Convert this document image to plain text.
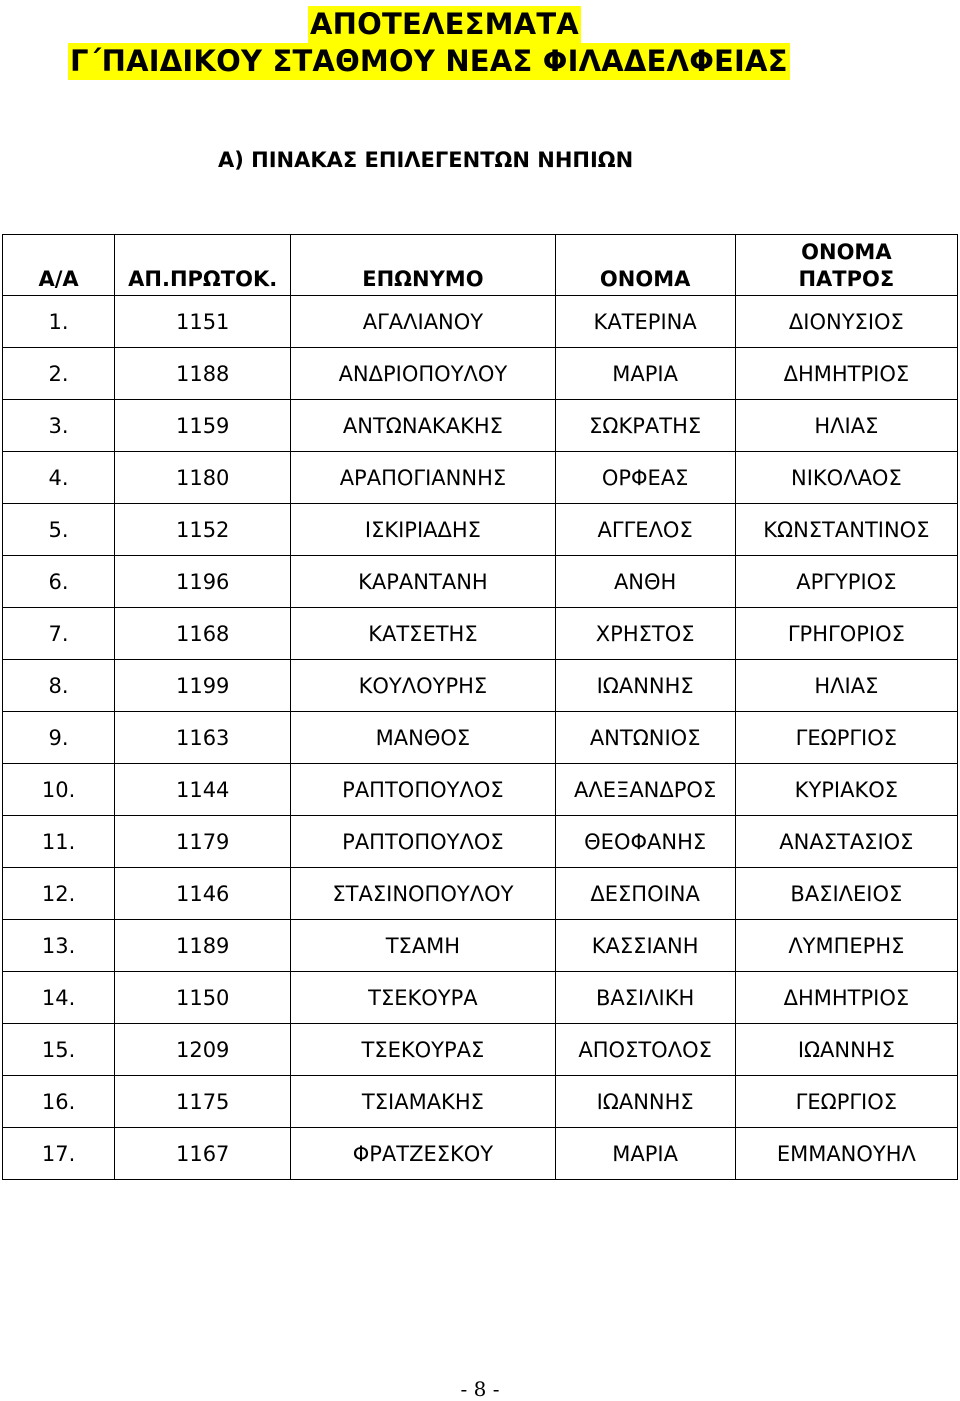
ΑΠΟΤΕΛΕΣΜΑΤΑ
Γ΄ΠΑΙΔΙΚΟΥ ΣΤΑΘΜΟΥ ΝΕΑΣ ΦΙΛΑΔΕΛΦΕΙΑΣ
Α) ΠΙΝΑΚΑΣ ΕΠΙΛΕΓΕΝΤΩΝ ΝΗΠΙΩΝ
Α/Α	ΑΠ.ΠΡΩΤΟΚ.	ΕΠΩΝΥΜΟ	ΟΝΟΜΑ	ΟΝΟΜΑ ΠΑΤΡΟΣ
1.	1151	ΑΓΑΛΙΑΝΟΥ	ΚΑΤΕΡΙΝΑ	ΔΙΟΝΥΣΙΟΣ
2.	1188	ΑΝΔΡΙΟΠΟΥΛΟΥ	ΜΑΡΙΑ	ΔΗΜΗΤΡΙΟΣ
3.	1159	ΑΝΤΩΝΑΚΑΚΗΣ	ΣΩΚΡΑΤΗΣ	ΗΛΙΑΣ
4.	1180	ΑΡΑΠΟΓΙΑΝΝΗΣ	ΟΡΦΕΑΣ	ΝΙΚΟΛΑΟΣ
5.	1152	ΙΣΚΙΡΙΑΔΗΣ	ΑΓΓΕΛΟΣ	ΚΩΝΣΤΑΝΤΙΝΟΣ
6.	1196	ΚΑΡΑΝΤΑΝΗ	ΑΝΘΗ	ΑΡΓΥΡΙΟΣ
7.	1168	ΚΑΤΣΕΤΗΣ	ΧΡΗΣΤΟΣ	ΓΡΗΓΟΡΙΟΣ
8.	1199	ΚΟΥΛΟΥΡΗΣ	ΙΩΑΝΝΗΣ	ΗΛΙΑΣ
9.	1163	ΜΑΝΘΟΣ	ΑΝΤΩΝΙΟΣ	ΓΕΩΡΓΙΟΣ
10.	1144	ΡΑΠΤΟΠΟΥΛΟΣ	ΑΛΕΞΑΝΔΡΟΣ	ΚΥΡΙΑΚΟΣ
11.	1179	ΡΑΠΤΟΠΟΥΛΟΣ	ΘΕΟΦΑΝΗΣ	ΑΝΑΣΤΑΣΙΟΣ
12.	1146	ΣΤΑΣΙΝΟΠΟΥΛΟΥ	ΔΕΣΠΟΙΝΑ	ΒΑΣΙΛΕΙΟΣ
13.	1189	ΤΣΑΜΗ	ΚΑΣΣΙΑΝΗ	ΛΥΜΠΕΡΗΣ
14.	1150	ΤΣΕΚΟΥΡΑ	ΒΑΣΙΛΙΚΗ	ΔΗΜΗΤΡΙΟΣ
15.	1209	ΤΣΕΚΟΥΡΑΣ	ΑΠΟΣΤΟΛΟΣ	ΙΩΑΝΝΗΣ
16.	1175	ΤΣΙΑΜΑΚΗΣ	ΙΩΑΝΝΗΣ	ΓΕΩΡΓΙΟΣ
17.	1167	ΦΡΑΤΖΕΣΚΟΥ	ΜΑΡΙΑ	ΕΜΜΑΝΟΥΗΛ
- 8 -
